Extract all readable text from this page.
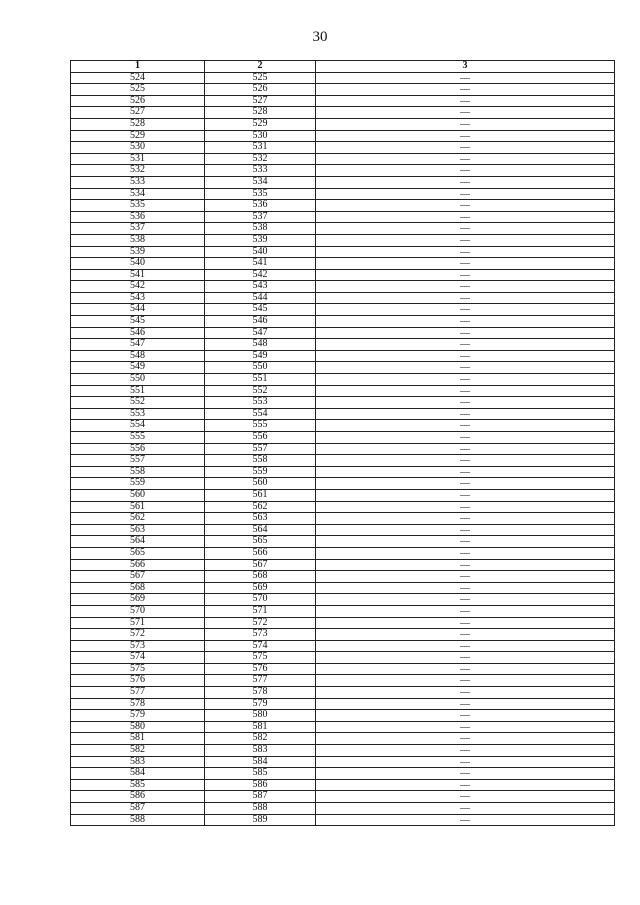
30
1	2	3
524	525	—
525	526	—
526	527	—
527	528	—
528	529	—
529	530	—
530	531	—
531	532	—
532	533	—
533	534	—
534	535	—
535	536	—
536	537	—
537	538	—
538	539	—
539	540	—
540	541	—
541	542	—
542	543	—
543	544	—
544	545	—
545	546	—
546	547	—
547	548	—
548	549	—
549	550	—
550	551	—
551	552	—
552	553	—
553	554	—
554	555	—
555	556	—
556	557	—
557	558	—
558	559	—
559	560	—
560	561	—
561	562	—
562	563	—
563	564	—
564	565	—
565	566	—
566	567	—
567	568	—
568	569	—
569	570	—
570	571	—
571	572	—
572	573	—
573	574	—
574	575	—
575	576	—
576	577	—
577	578	—
578	579	—
579	580	—
580	581	—
581	582	—
582	583	—
583	584	—
584	585	—
585	586	—
586	587	—
587	588	—
588	589	—
